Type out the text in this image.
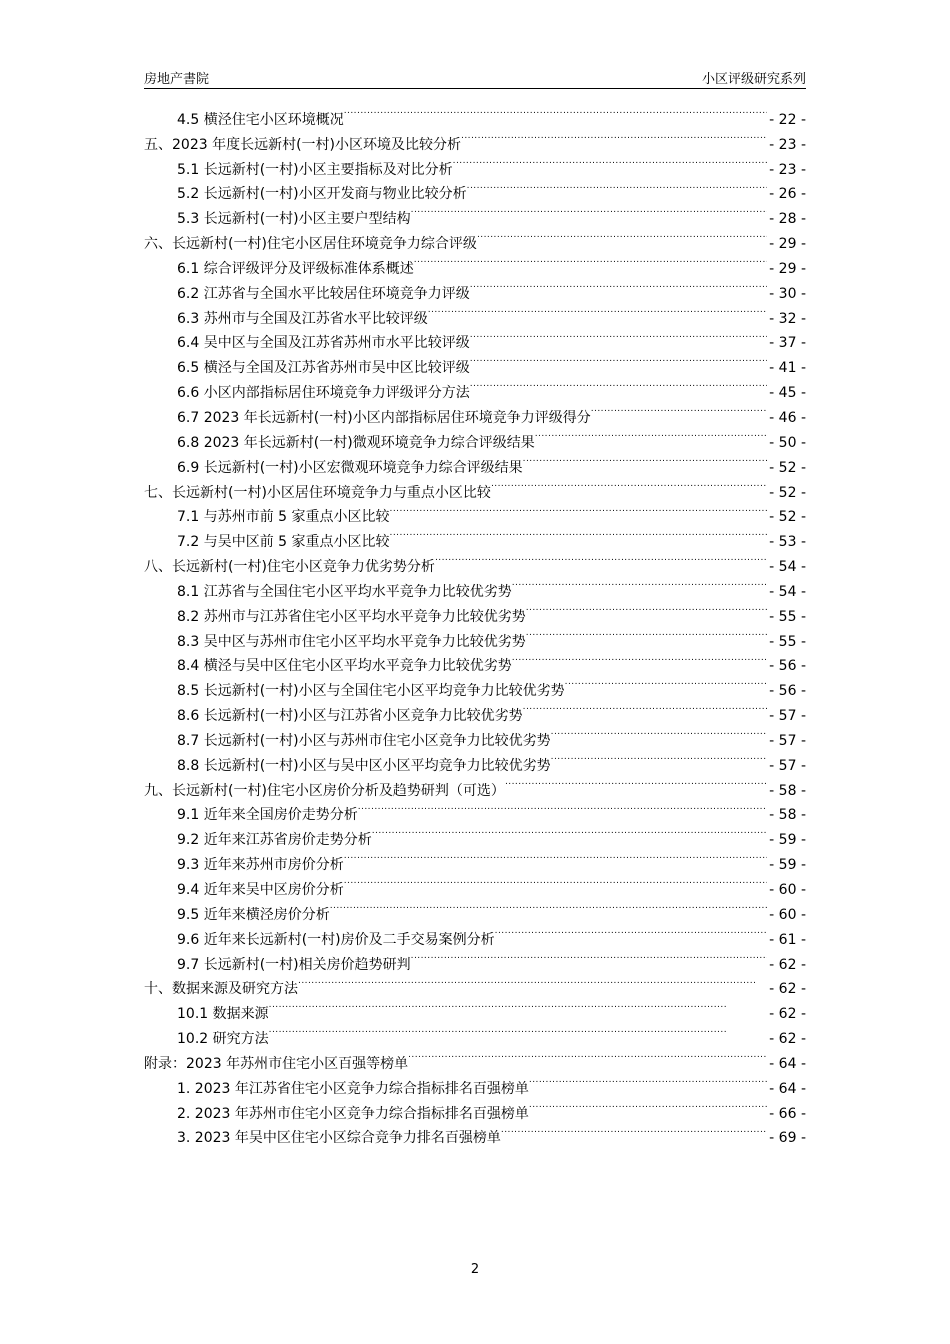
房地产書院	小区评级研究系列
4.5 横泾住宅小区环境概况 . . .	- 22 -
五、2023 年度长远新村(一村)小区环境及比较分析 . . .	- 23 -
5.1 长远新村(一村)小区主要指标及对比分析 . . .	- 23 -
5.2 长远新村(一村)小区开发商与物业比较分析 . . .	- 26 -
5.3 长远新村(一村)小区主要户型结构 . . .	- 28 -
六、长远新村(一村)住宅小区居住环境竞争力综合评级 . . .	- 29 -
6.1 综合评级评分及评级标准体系概述 . . .	- 29 -
6.2 江苏省与全国水平比较居住环境竞争力评级 . . .	- 30 -
6.3 苏州市与全国及江苏省水平比较评级 . . .	- 32 -
6.4 吴中区与全国及江苏省苏州市水平比较评级 . . .	- 37 -
6.5 横泾与全国及江苏省苏州市吴中区比较评级 . . .	- 41 -
6.6 小区内部指标居住环境竞争力评级评分方法 . . .	- 45 -
6.7 2023 年长远新村(一村)小区内部指标居住环境竞争力评级得分 . . .	- 46 -
6.8 2023 年长远新村(一村)微观环境竞争力综合评级结果 . . .	- 50 -
6.9 长远新村(一村)小区宏微观环境竞争力综合评级结果 . . .	- 52 -
七、长远新村(一村)小区居住环境竞争力与重点小区比较 . . .	- 52 -
7.1 与苏州市前 5 家重点小区比较 . . .	- 52 -
7.2 与吴中区前 5 家重点小区比较 . . .	- 53 -
八、长远新村(一村)住宅小区竞争力优劣势分析 . . .	- 54 -
8.1 江苏省与全国住宅小区平均水平竞争力比较优劣势 . . .	- 54 -
8.2 苏州市与江苏省住宅小区平均水平竞争力比较优劣势 . . .	- 55 -
8.3 吴中区与苏州市住宅小区平均水平竞争力比较优劣势 . . .	- 55 -
8.4 横泾与吴中区住宅小区平均水平竞争力比较优劣势 . . .	- 56 -
8.5 长远新村(一村)小区与全国住宅小区平均竞争力比较优劣势 . . .	- 56 -
8.6 长远新村(一村)小区与江苏省小区竞争力比较优劣势 . . .	- 57 -
8.7 长远新村(一村)小区与苏州市住宅小区竞争力比较优劣势 . . .	- 57 -
8.8 长远新村(一村)小区与吴中区小区平均竞争力比较优劣势 . . .	- 57 -
九、长远新村(一村)住宅小区房价分析及趋势研判（可选） . . .	- 58 -
9.1 近年来全国房价走势分析 . . .	- 58 -
9.2 近年来江苏省房价走势分析 . . .	- 59 -
9.3 近年来苏州市房价分析 . . .	- 59 -
9.4 近年来吴中区房价分析 . . .	- 60 -
9.5 近年来横泾房价分析 . . .	- 60 -
9.6 近年来长远新村(一村)房价及二手交易案例分析 . . .	- 61 -
9.7 长远新村(一村)相关房价趋势研判 . . .	- 62 -
十、数据来源及研究方法 . . .	- 62 -
10.1 数据来源 . . .	- 62 -
10.2 研究方法 . . .	- 62 -
附录：2023 年苏州市住宅小区百强等榜单 . . .	- 64 -
1. 2023 年江苏省住宅小区竞争力综合指标排名百强榜单 . . .	- 64 -
2. 2023 年苏州市住宅小区竞争力综合指标排名百强榜单 . . .	- 66 -
3. 2023 年吴中区住宅小区综合竞争力排名百强榜单 . . .	- 69 -
2
